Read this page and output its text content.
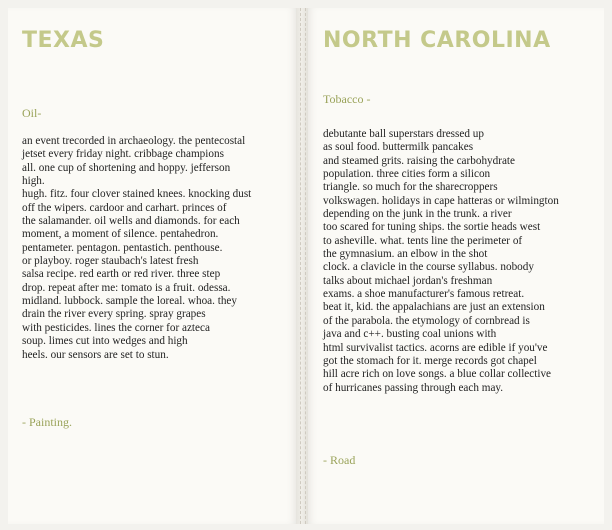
TEXAS

Oil-

an event trecorded in archaeology. the pentecostal
jetset every friday night. cribbage champions
all. one cup of shortening and hoppy. jefferson
high.
hugh. fitz. four clover stained knees. knocking dust
off the wipers. cardoor and carhart. princes of
the salamander. oil wells and diamonds. for each
moment, a moment of silence. pentahedron.
pentameter. pentagon. pentastich. penthouse.
or playboy. roger staubach's latest fresh
salsa recipe. red earth or red river. three step
drop. repeat after me: tomato is a fruit. odessa.
midland. lubbock. sample the loreal. whoa. they
drain the river every spring. spray grapes
with pesticides. lines the corner for azteca
soup. limes cut into wedges and high
heels. our sensors are set to stun.

- Painting.

NORTH CAROLINA

Tobacco -

debutante ball superstars dressed up
as soul food. buttermilk pancakes
and steamed grits. raising the carbohydrate
population. three cities form a silicon
triangle. so much for the sharecroppers
volkswagen. holidays in cape hatteras or wilmington
depending on the junk in the trunk. a river
too scared for tuning ships. the sortie heads west
to asheville. what. tents line the perimeter of
the gymnasium. an elbow in the shot
clock. a clavicle in the course syllabus. nobody
talks about michael jordan's freshman
exams. a shoe manufacturer's famous retreat.
beat it, kid. the appalachians are just an extension
of the parabola. the etymology of cornbread is
java and c++. busting coal unions with
html survivalist tactics. acorns are edible if you've
got the stomach for it. merge records got chapel
hill acre rich on love songs. a blue collar collective
of hurricanes passing through each may.

- Road
